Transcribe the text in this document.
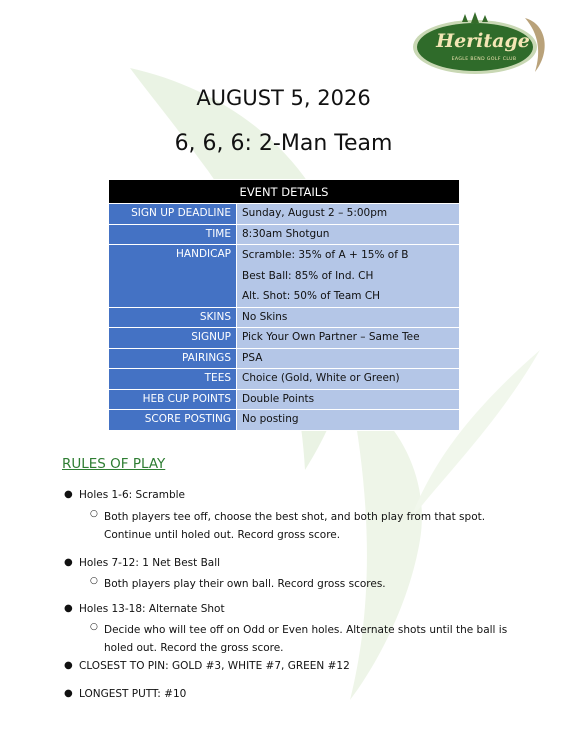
Heritage
EAGLE BEND GOLF CLUB
AUGUST 5, 2026
6, 6, 6: 2-Man Team
EVENT DETAILS	
SIGN UP DEADLINE	Sunday, August 2 – 5:00pm
TIME	8:30am Shotgun
HANDICAP	Scramble: 35% of A + 15% of B
Best Ball: 85% of Ind. CH
Alt. Shot: 50% of Team CH

SKINS	No Skins
SIGNUP	Pick Your Own Partner – Same Tee
PAIRINGS	PSA
TEES	Choice (Gold, White or Green)
HEB CUP POINTS	Double Points
SCORE POSTING	No posting
RULES OF PLAY
● Holes 1-6: Scramble
○ Both players tee off, choose the best shot, and both play from that spot. Continue until holed out. Record gross score.
● Holes 7-12: 1 Net Best Ball
○ Both players play their own ball. Record gross scores.
● Holes 13-18: Alternate Shot
○ Decide who will tee off on Odd or Even holes. Alternate shots until the ball is holed out. Record the gross score.
● CLOSEST TO PIN: GOLD #3, WHITE #7, GREEN #12
● LONGEST PUTT: #10
